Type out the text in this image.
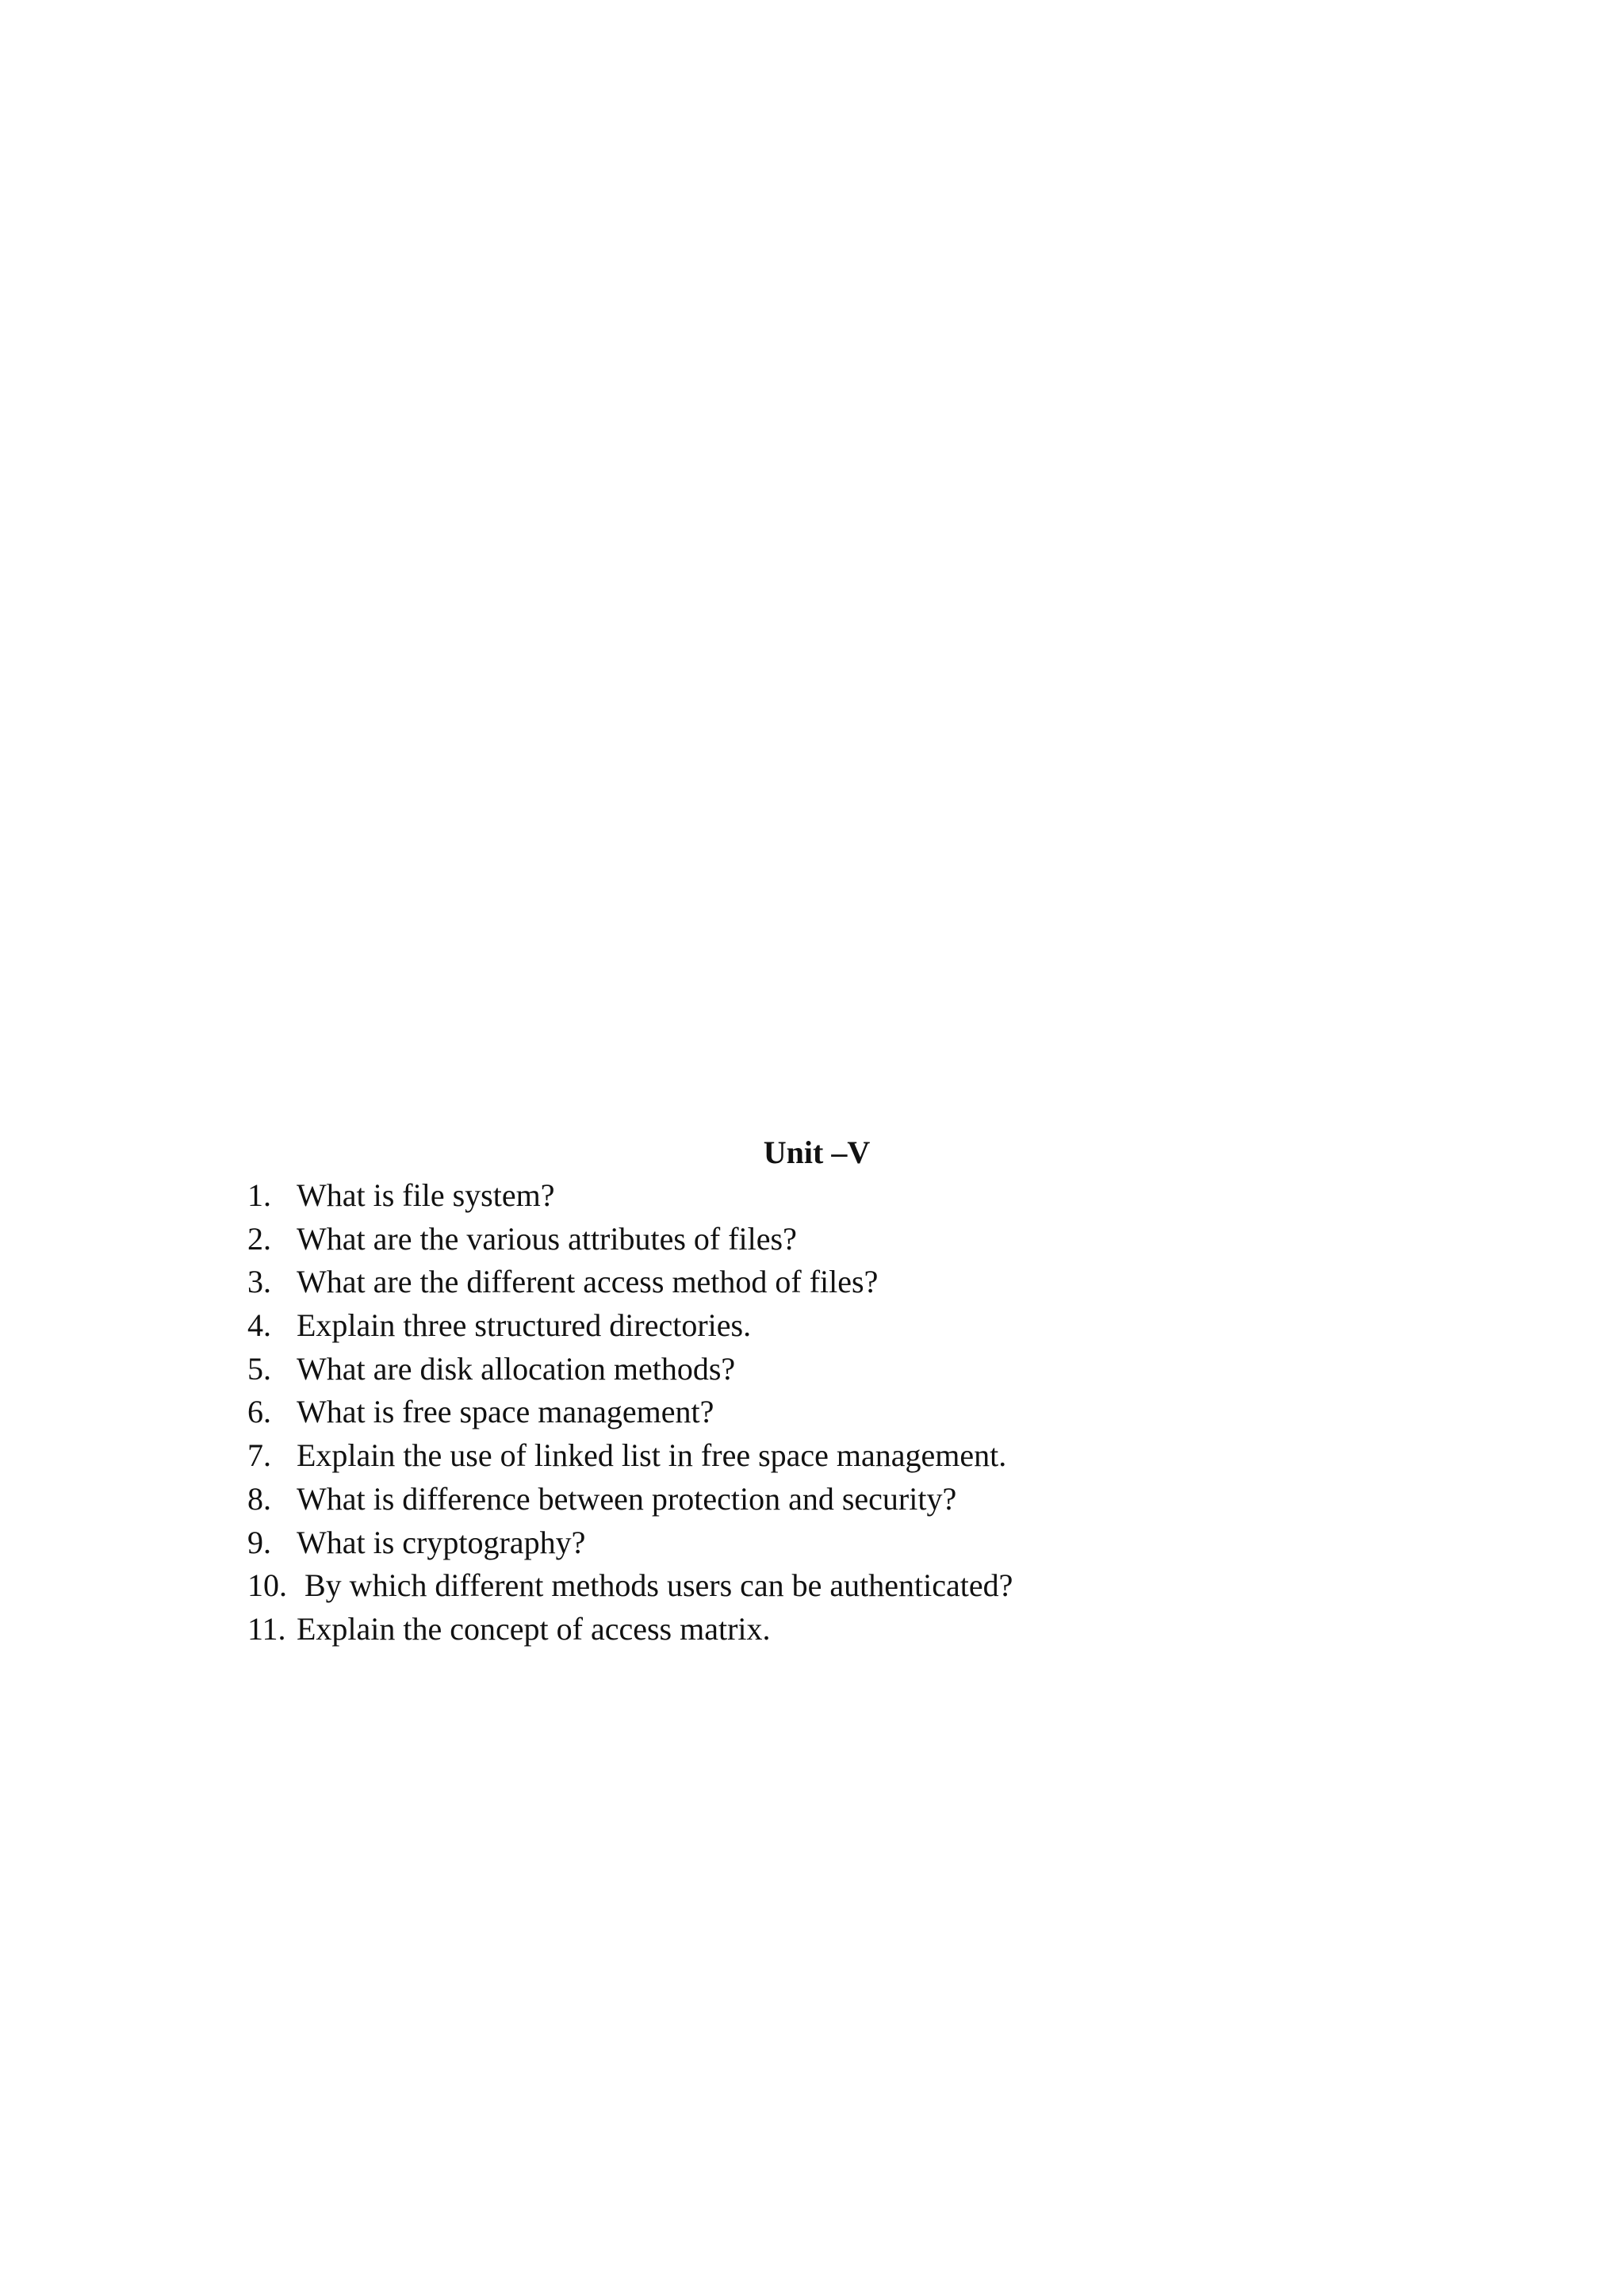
Unit –V
1. What is file system?
2. What are the various attributes of files?
3. What are the different access method of files?
4. Explain three structured directories.
5. What are disk allocation methods?
6. What is free space management?
7. Explain the use of linked list in free space management.
8. What is difference between protection and security?
9. What is cryptography?
10. By which different methods users can be authenticated?
11. Explain the concept of access matrix.
